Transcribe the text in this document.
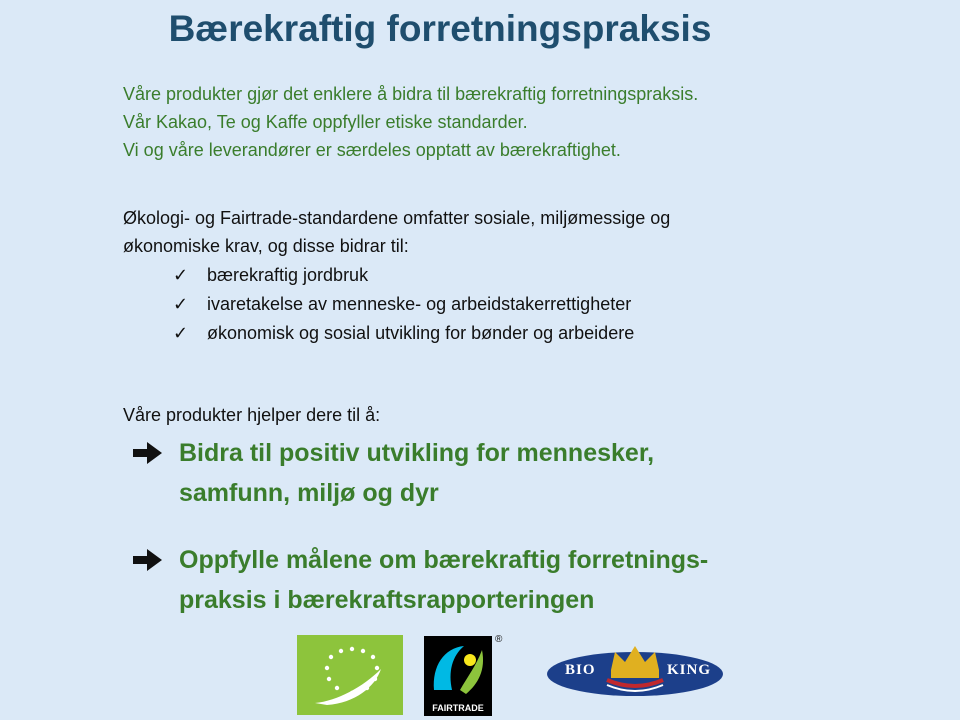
Bærekraftig forretningspraksis
Våre produkter gjør det enklere å bidra til bærekraftig forretningspraksis.
Vår Kakao, Te og Kaffe oppfyller etiske standarder.
Vi og våre leverandører er særdeles opptatt av bærekraftighet.
Økologi- og Fairtrade-standardene omfatter sosiale, miljømessige og
økonomiske krav, og disse bidrar til:
✓	bærekraftig jordbruk
✓	ivaretakelse av menneske- og arbeidstakerrettigheter
✓	økonomisk og sosial utvikling for bønder og arbeidere
Våre produkter hjelper dere til å:
Bidra til positiv utvikling for mennesker,
samfunn, miljø og dyr
Oppfylle målene om bærekraftig forretnings-
praksis i bærekraftsrapporteringen
FAIRTRADE
®
BIO	KING
